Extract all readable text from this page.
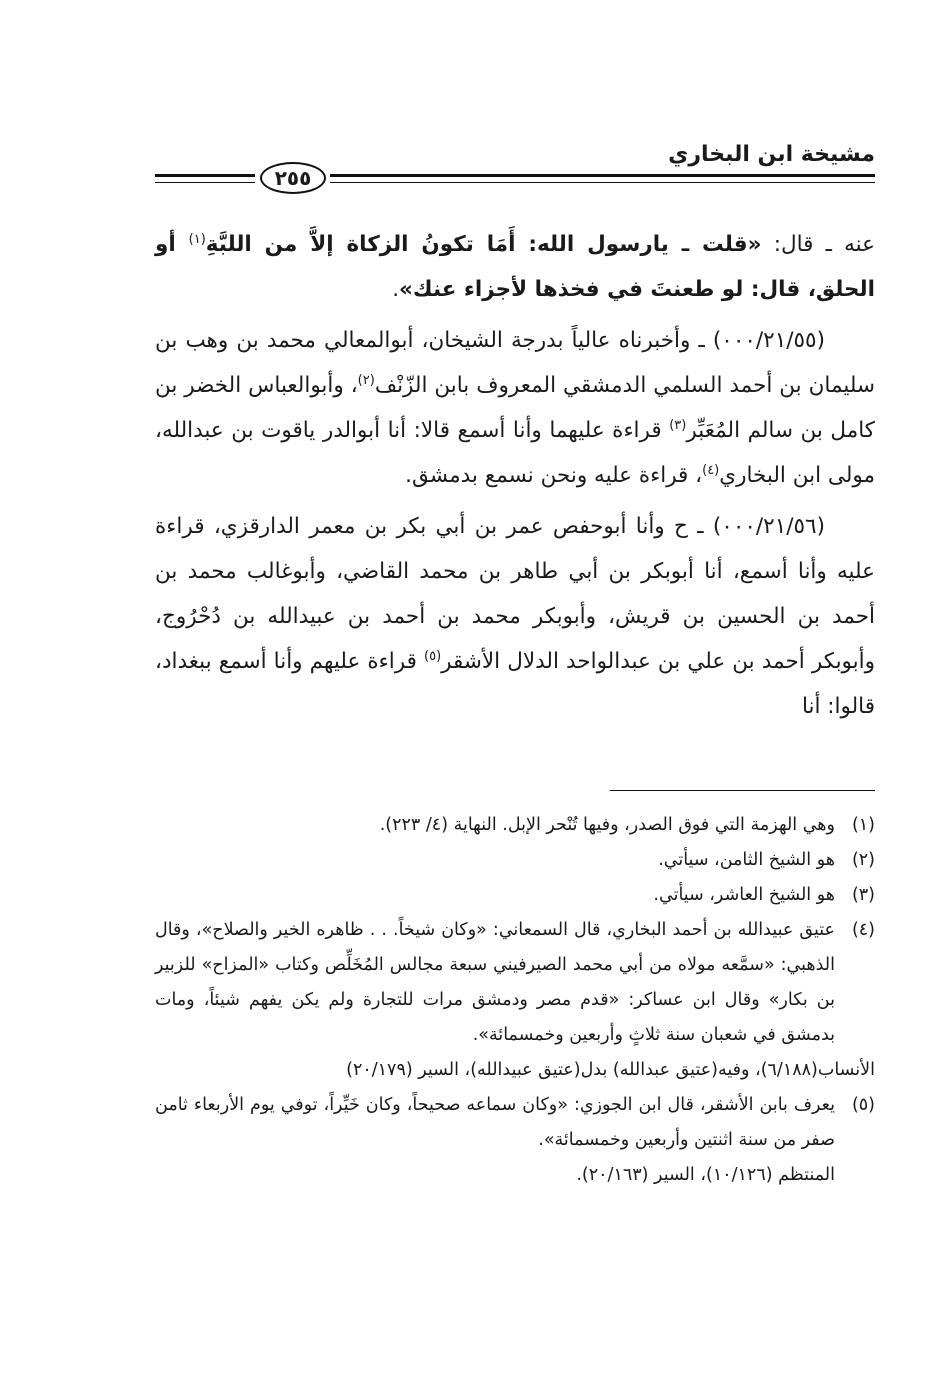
مشيخة ابن البخاري
٢٥٥

عنه ـ قال: «قلت ـ يارسول الله: أَمَا تكونُ الزكاة إلاَّ من اللبَّةِ$^{(١)}$ أو الحلق، قال: لو طعنتَ في فخذها لأجزاء عنك».

(٠٠٠/٢١/٥٥) ـ وأخبرناه عالياً بدرجة الشيخان، أبوالمعالي محمد بن وهب بن سليمان بن أحمد السلمي الدمشقي المعروف بابن الزّنْف$^{(٢)}$، وأبوالعباس الخضر بن كامل بن سالم المُعَبِّر$^{(٣)}$ قراءة عليهما وأنا أسمع قالا: أنا أبوالدر ياقوت بن عبدالله، مولى ابن البخاري$^{(٤)}$، قراءة عليه ونحن نسمع بدمشق.

(٠٠٠/٢١/٥٦) ـ ح وأنا أبوحفص عمر بن أبي بكر بن معمر الدارقزي، قراءة عليه وأنا أسمع، أنا أبوبكر بن أبي طاهر بن محمد القاضي، وأبوغالب محمد بن أحمد بن الحسين بن قريش، وأبوبكر محمد بن أحمد بن عبيدالله بن دُحْرُوج، وأبوبكر أحمد بن علي بن عبدالواحد الدلال الأشقر$^{(٥)}$ قراءة عليهم وأنا أسمع ببغداد، قالوا: أنا

(١)
وهي الهزمة التي فوق الصدر، وفيها تُنْحر الإبل. النهاية (٤/ ٢٢٣).
(٢)
هو الشيخ الثامن، سيأتي.
(٣)
هو الشيخ العاشر، سيأتي.
(٤)
عتيق عبيدالله بن أحمد البخاري، قال السمعاني: «وكان شيخاً. . . ظاهره الخير والصلاح»، وقال الذهبي: «سمَّعه مولاه من أبي محمد الصيرفيني سبعة مجالس المُخَلِّص وكتاب «المزاح» للزبير بن بكار» وقال ابن عساكر: «قدم مصر ودمشق مرات للتجارة ولم يكن يفهم شيئاً، ومات بدمشق في شعبان سنة ثلاثٍ وأربعين وخمسمائة».

الأنساب(٦/١٨٨)، وفيه(عتيق عبدالله) بدل(عتيق عبيدالله)، السير (٢٠/١٧٩)

(٥)
يعرف بابن الأشقر، قال ابن الجوزي: «وكان سماعه صحيحاً، وكان خَيِّراً، توفي يوم الأربعاء ثامن صفر من سنة اثنتين وأربعين وخمسمائة».
المنتظم (١٠/١٢٦)، السير (٢٠/١٦٣).
